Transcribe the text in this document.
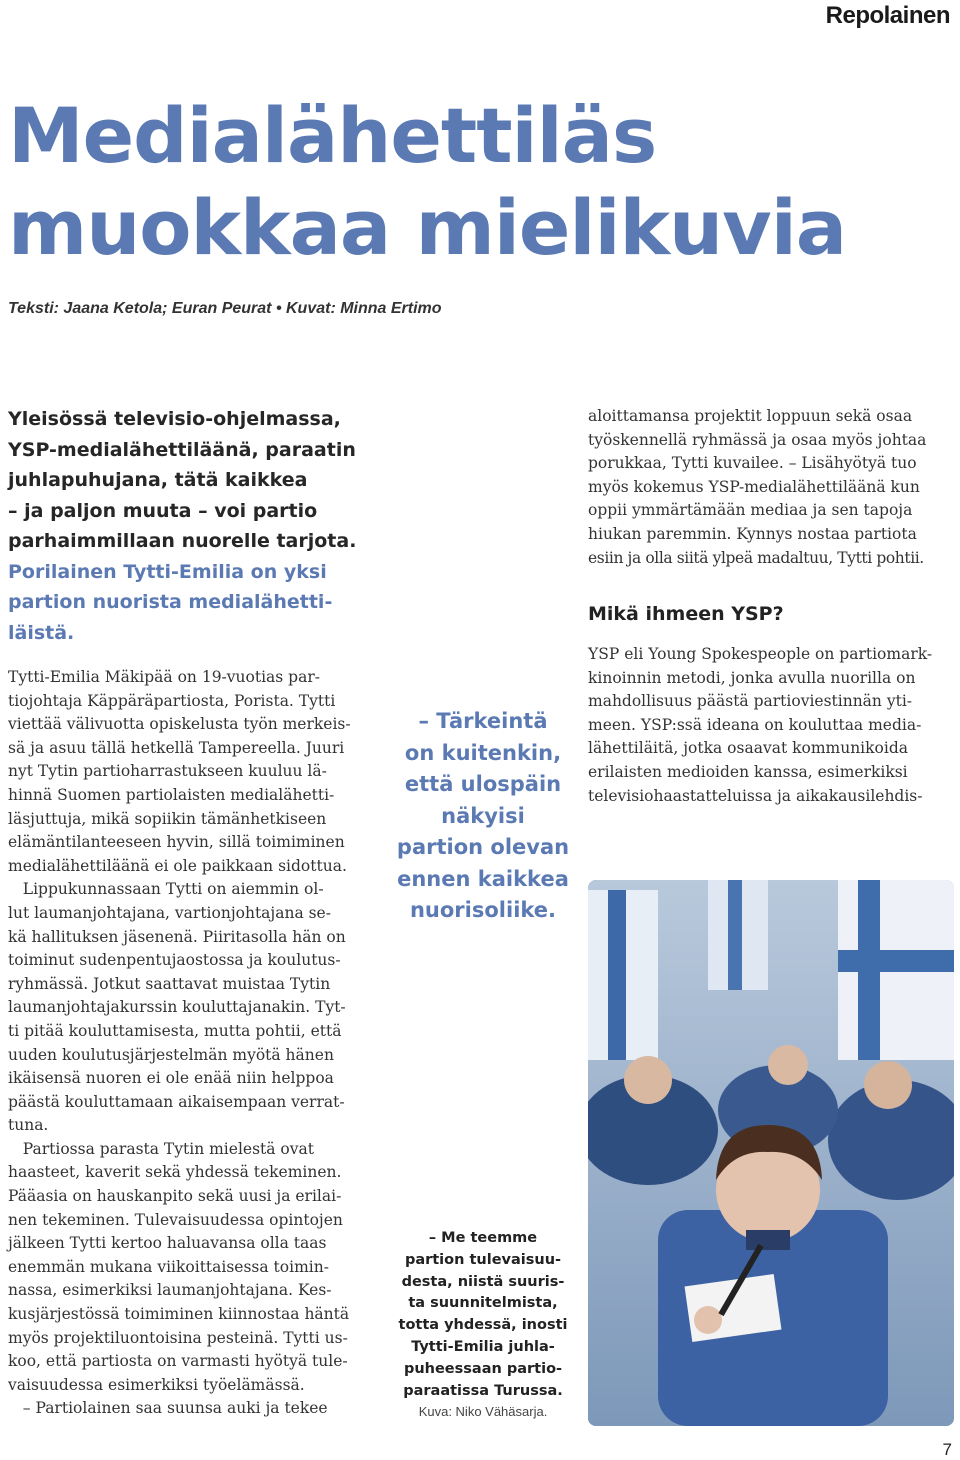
Repolainen
Medialähettiläs
muokkaa mielikuvia
Teksti: Jaana Ketola; Euran Peurat • Kuvat: Minna Ertimo
Yleisössä televisio-ohjelmassa,
YSP-medialähettiläänä, paraatin
juhlapuhujana, tätä kaikkea
– ja paljon muuta – voi partio
parhaimmillaan nuorelle tarjota.
Porilainen Tytti-Emilia on yksi
partion nuorista medialähetti-
läistä.
Tytti-Emilia Mäkipää on 19-vuotias par-
tiojohtaja Käppäräpartiosta, Porista. Tytti
viettää välivuotta opiskelusta työn merkeis-
sä ja asuu tällä hetkellä Tampereella. Juuri
nyt Tytin partioharrastukseen kuuluu lä-
hinnä Suomen partiolaisten medialähetti-
läsjuttuja, mikä sopiikin tämänhetkiseen
elämäntilanteeseen hyvin, sillä toimiminen
medialähettiläänä ei ole paikkaan sidottua.
Lippukunnassaan Tytti on aiemmin ol-
lut laumanjohtajana, vartionjohtajana se-
kä hallituksen jäsenenä. Piiritasolla hän on
toiminut sudenpentujaostossa ja koulutus-
ryhmässä. Jotkut saattavat muistaa Tytin
laumanjohtajakurssin kouluttajanakin. Tyt-
ti pitää kouluttamisesta, mutta pohtii, että
uuden koulutusjärjestelmän myötä hänen
ikäisensä nuoren ei ole enää niin helppoa
päästä kouluttamaan aikaisempaan verrat-
tuna.
Partiossa parasta Tytin mielestä ovat
haasteet, kaverit sekä yhdessä tekeminen.
Pääasia on hauskanpito sekä uusi ja erilai-
nen tekeminen. Tulevaisuudessa opintojen
jälkeen Tytti kertoo haluavansa olla taas
enemmän mukana viikoittaisessa toimin-
nassa, esimerkiksi laumanjohtajana. Kes-
kusjärjestössä toimiminen kiinnostaa häntä
myös projektiluontoisina pesteinä. Tytti us-
koo, että partiosta on varmasti hyötyä tule-
vaisuudessa esimerkiksi työelämässä.
– Partiolainen saa suunsa auki ja tekee
– Tärkeintä
on kuitenkin,
että ulospäin
näkyisi
partion olevan
ennen kaikkea
nuorisoliike.
– Me teemme
partion tulevaisuu-
desta, niistä suuris-
ta suunnitelmista,
totta yhdessä, inosti
Tytti-Emilia juhla-
puheessaan partio-
paraatissa Turussa.
Kuva: Niko Vähäsarja.
aloittamansa projektit loppuun sekä osaa
työskennellä ryhmässä ja osaa myös johtaa
porukkaa, Tytti kuvailee. – Lisähyötyä tuo
myös kokemus YSP-medialähettiläänä kun
oppii ymmärtämään mediaa ja sen tapoja
hiukan paremmin. Kynnys nostaa partiota
esiin ja olla siitä ylpeä madaltuu, Tytti pohtii.
Mikä ihmeen YSP?
YSP eli Young Spokespeople on partiomark-
kinoinnin metodi, jonka avulla nuorilla on
mahdollisuus päästä partioviestinnän yti-
meen. YSP:ssä ideana on kouluttaa media-
lähettiläitä, jotka osaavat kommunikoida
erilaisten medioiden kanssa, esimerkiksi
televisiohaastatteluissa ja aikakausilehdis-
7
